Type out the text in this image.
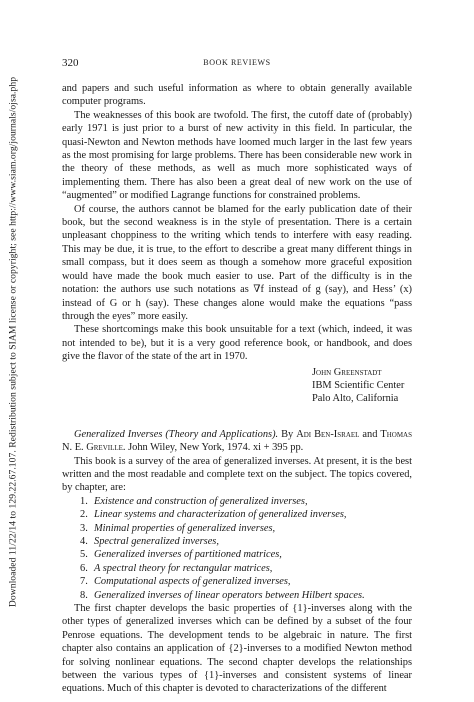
Downloaded 11/22/14 to 129.22.67.107. Redistribution subject to SIAM license or copyright; see http://www.siam.org/journals/ojsa.php
320	BOOK REVIEWS

and papers and such useful information as where to obtain generally available computer programs.

The weaknesses of this book are twofold. The first, the cutoff date of (probably) early 1971 is just prior to a burst of new activity in this field. In particular, the quasi-Newton and Newton methods have loomed much larger in the last few years as the most promising for large problems. There has been considerable new work in the theory of these methods, as well as much more sophisticated ways of implementing them. There has also been a great deal of new work on the use of “augmented” or modified Lagrange functions for constrained problems.

Of course, the authors cannot be blamed for the early publication date of their book, but the second weakness is in the style of presentation. There is a certain unpleasant choppiness to the writing which tends to interfere with easy reading. This may be due, it is true, to the effort to describe a great many different things in small compass, but it does seem as though a somehow more graceful exposition would have made the book much easier to use. Part of the difficulty is in the notation: the authors use such notations as ∇f instead of g (say), and Hess’ (x) instead of G or h (say). These changes alone would make the equations “pass through the eyes” more easily.

These shortcomings make this book unsuitable for a text (which, indeed, it was not intended to be), but it is a very good reference book, or handbook, and does give the flavor of the state of the art in 1970.

John Greenstadt
IBM Scientific Center
Palo Alto, California

Generalized Inverses (Theory and Applications). By Adi Ben-Israel and Thomas N. E. Greville. John Wiley, New York, 1974. xi + 395 pp.

This book is a survey of the area of generalized inverses. At present, it is the best written and the most readable and complete text on the subject. The topics covered, by chapter, are:

1. Existence and construction of generalized inverses,
2. Linear systems and characterization of generalized inverses,
3. Minimal properties of generalized inverses,
4. Spectral generalized inverses,
5. Generalized inverses of partitioned matrices,
6. A spectral theory for rectangular matrices,
7. Computational aspects of generalized inverses,
8. Generalized inverses of linear operators between Hilbert spaces.

The first chapter develops the basic properties of {1}-inverses along with the other types of generalized inverses which can be defined by a subset of the four Penrose equations. The development tends to be algebraic in nature. The first chapter also contains an application of {2}-inverses to a modified Newton method for solving nonlinear equations. The second chapter develops the relationships between the various types of {1}-inverses and consistent systems of linear equations. Much of this chapter is devoted to characterizations of the different
